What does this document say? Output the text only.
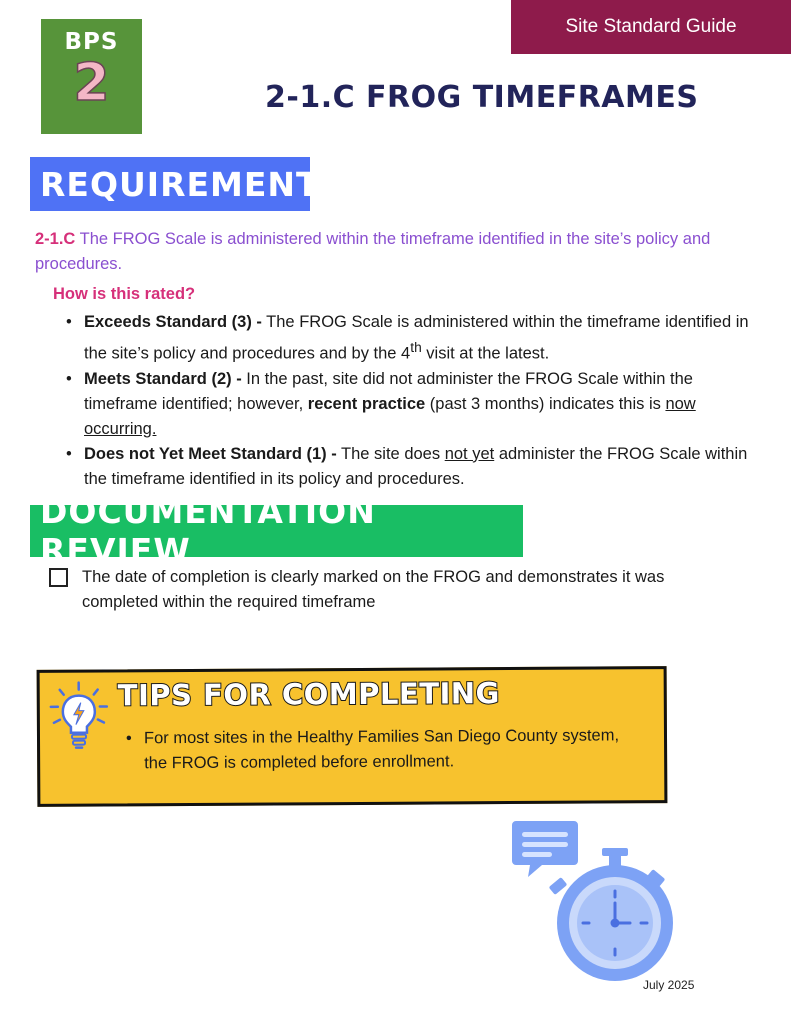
Site Standard Guide
BPS
2	2-1.C FROG TIMEFRAMES
REQUIREMENT

2-1.C The FROG Scale is administered within the timeframe identified in the site’s policy and procedures.

How is this rated?

• Exceeds Standard (3) - The FROG Scale is administered within the timeframe identified in the site’s policy and procedures and by the 4th visit at the latest.
• Meets Standard (2) - In the past, site did not administer the FROG Scale within the timeframe identified; however, recent practice (past 3 months) indicates this is now occurring.
• Does not Yet Meet Standard (1) - The site does not yet administer the FROG Scale within the timeframe identified in its policy and procedures.
DOCUMENTATION REVIEW

The date of completion is clearly marked on the FROG and demonstrates it was completed within the required timeframe

TIPS FOR COMPLETING
• For most sites in the Healthy Families San Diego County system, the FROG is completed before enrollment.

July 2025
